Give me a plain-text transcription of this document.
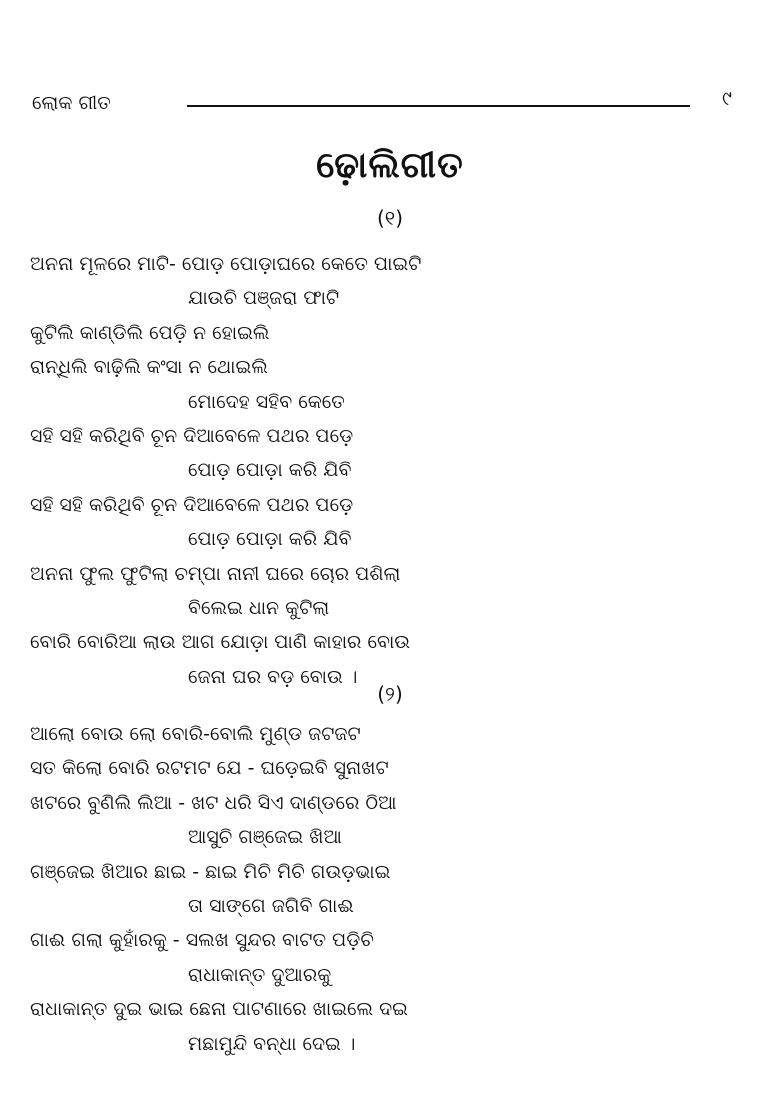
ଲୋକ ଗୀତ	୯
ଢୋ଼ଲିଗୀତ
(୧)
ଅନନା ମୂଳରେ ମାଟି- ପୋଡ଼ ପୋଡ଼ାଘରେ କେତେ ପାଇଟି
ଯାଉଚି ପଞ୍ଜରା ଫାଟି
କୁଟିଲି କାଣ୍ଡିଲି ପେଡ଼ି ନ ହୋଇଲି
ରାନ୍ଧିଲି ବାଢ଼ିଲି କଂସା ନ ଥୋଇଲି
ମୋଦେହ ସହିବ କେତେ
ସହି ସହି କରିଥିବି ଚୂନ ଦିଆବେଳେ ପଥର ପଡ଼େ
ପୋଡ଼ ପୋଡ଼ା କରି ଯିବି
ସହି ସହି କରିଥିବି ଚୂନ ଦିଆବେଳେ ପଥର ପଡ଼େ
ପୋଡ଼ ପୋଡ଼ା କରି ଯିବି
ଅନନା ଫୁଲ ଫୁଟିଲା ଚମ୍ପା ନାନୀ ଘରେ ଚୋର ପଶିଲା
ବିଲେଇ ଧାନ କୁଟିଲା
ବୋରି ବୋରିଆ ଲାଉ ଆଗ ଯୋଡ଼ା ପାଣି କାହାର ବୋଉ
ଜେନା ଘର ବଡ଼ ବୋଉ ।
(୨)
ଆଲୋ ବୋଉ ଲୋ ବୋରି-ବୋଲି ମୁଣ୍ଡ ଜଟଜଟ
ସତ କିଲୋ ବୋରି ରଟମଟ ଯେ - ଘଡ଼େଇବି ସୁନାଖଟ
ଖଟରେ ବୁଣିଲି ଲିଆ - ଖଟ ଧରି ସିଏ ଦାଣ୍ଡରେ ଠିଆ
ଆସୁଚି ଗଞ୍ଜେଇ ଖିଆ
ଗଞ୍ଜେଇ ଖିଆର ଛାଇ - ଛାଇ ମିଚି ମିଚି ଗଉଡ଼ଭାଇ
ତା ସାଙ୍ଗେ ଜଗିବି ଗାଈ
ଗାଈ ଗଲା କୁହାଁରକୁ - ସଲଖ ସୁନ୍ଦର ବାଟତ ପଡ଼ିଚି
ରାଧାକାନ୍ତ ଦୁଆରକୁ
ରାଧାକାନ୍ତ ଦୁଇ ଭାଇ ଛେନା ପାଟଣାରେ ଖାଇଲେ ଦଇ
ମଛାମୁନ୍ଦି ବନ୍ଧା ଦେଇ ।
